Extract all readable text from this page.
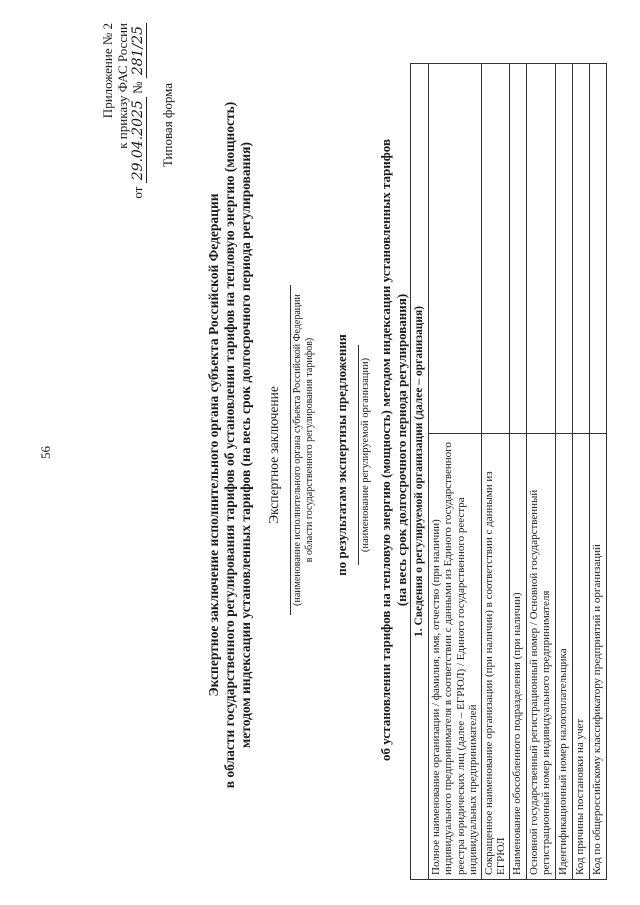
56
Приложение № 2 к приказу ФАС России
от 29.04.2025 № 281/25
Типовая форма
Экспертное заключение исполнительного органа субъекта Российской Федерации в области государственного регулирования тарифов об установлении тарифов на тепловую энергию (мощность) методом индексации установленных тарифов (на весь срок долгосрочного периода регулирования) Экспертное заключение (наименование исполнительного органа субъекта Российской Федерации в области государственного регулирования тарифов) по результатам экспертизы предложения (наименование регулируемой организации) об установлении тарифов на тепловую энергию (мощность) методом индексации установленных тарифов (на весь срок долгосрочного периода регулирования) 1. Сведения о регулируемой организации (далее – организация)	
Полное наименование организации / фамилия, имя, отчество (при наличии) индивидуального предпринимателя в соответствии с данными из Единого государственного реестра юридических лиц (далее – ЕГРЮЛ) / Единого государственного реестра индивидуальных предпринимателей	
Сокращенное наименование организации (при наличии) в соответствии с данными из ЕГРЮЛ	
Наименование обособленного подразделения (при наличии)	
Основной государственный регистрационный номер / Основной государственный регистрационный номер индивидуального предпринимателя	
Идентификационный номер налогоплательщика	
Код причины постановки на учет	
Код по общероссийскому классификатору предприятий и организаций	
